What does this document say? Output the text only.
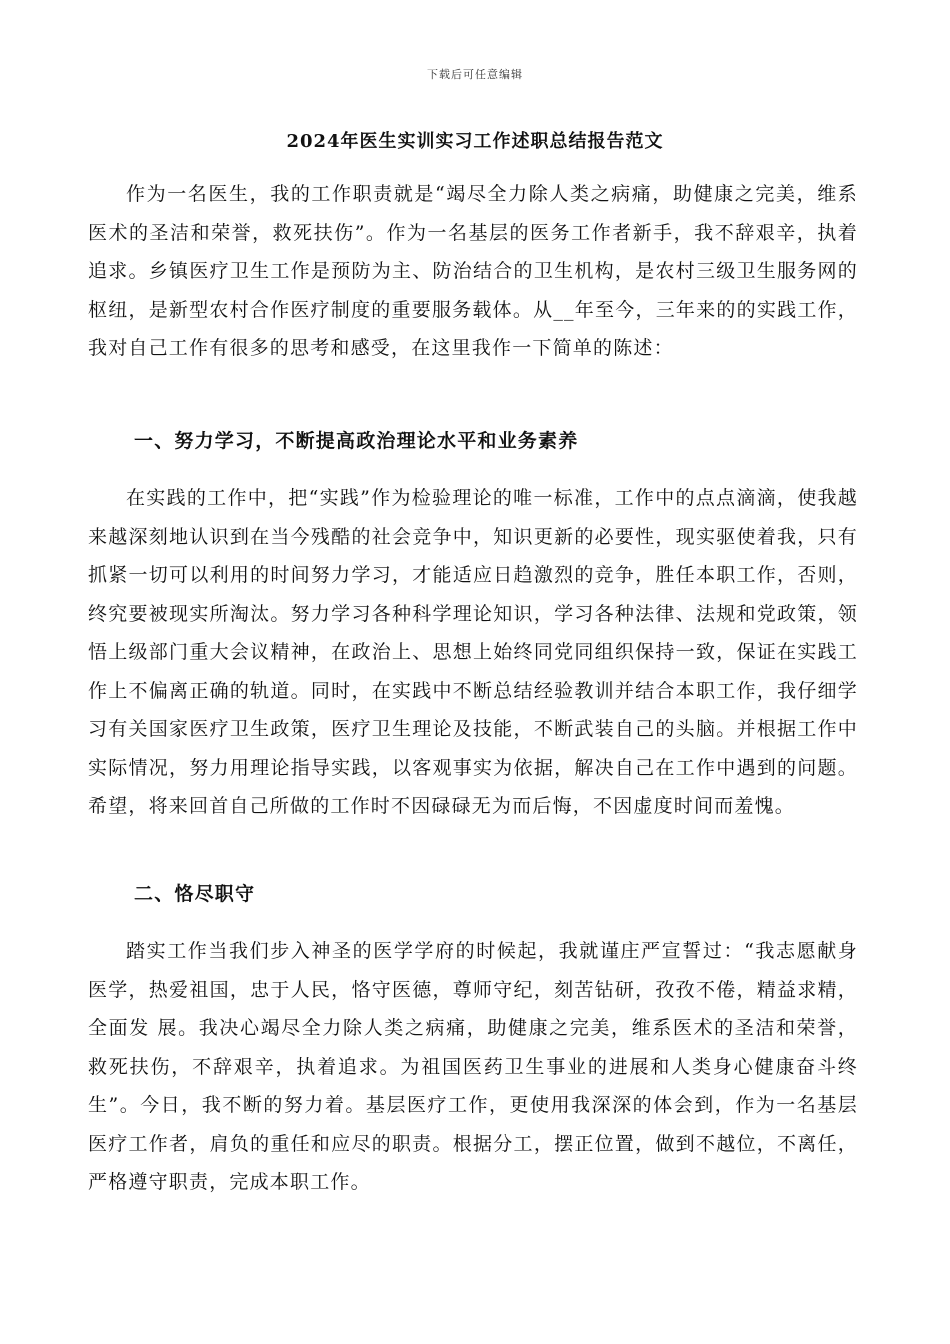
下载后可任意编辑
2024年医生实训实习工作述职总结报告范文

作为一名医生，我的工作职责就是“竭尽全力除人类之病痛，助健康之完美，维系医术的圣洁和荣誉，救死扶伤”。作为一名基层的医务工作者新手，我不辞艰辛，执着追求。乡镇医疗卫生工作是预防为主、防治结合的卫生机构，是农村三级卫生服务网的枢纽，是新型农村合作医疗制度的重要服务载体。从__年至今，三年来的的实践工作，我对自己工作有很多的思考和感受，在这里我作一下简单的陈述：

一、努力学习，不断提高政治理论水平和业务素养

在实践的工作中，把“实践”作为检验理论的唯一标准，工作中的点点滴滴，使我越来越深刻地认识到在当今残酷的社会竞争中，知识更新的必要性，现实驱使着我，只有抓紧一切可以利用的时间努力学习，才能适应日趋激烈的竞争，胜任本职工作，否则，终究要被现实所淘汰。努力学习各种科学理论知识，学习各种法律、法规和党政策，领悟上级部门重大会议精神，在政治上、思想上始终同党同组织保持一致，保证在实践工作上不偏离正确的轨道。同时，在实践中不断总结经验教训并结合本职工作，我仔细学习有关国家医疗卫生政策，医疗卫生理论及技能，不断武装自己的头脑。并根据工作中实际情况，努力用理论指导实践，以客观事实为依据，解决自己在工作中遇到的问题。希望，将来回首自己所做的工作时不因碌碌无为而后悔，不因虚度时间而羞愧。

二、恪尽职守

踏实工作当我们步入神圣的医学学府的时候起，我就谨庄严宣誓过：“我志愿献身医学，热爱祖国，忠于人民，恪守医德，尊师守纪，刻苦钻研，孜孜不倦，精益求精，全面发 展。我决心竭尽全力除人类之病痛，助健康之完美，维系医术的圣洁和荣誉，救死扶伤，不辞艰辛，执着追求。为祖国医药卫生事业的进展和人类身心健康奋斗终生”。今日，我不断的努力着。基层医疗工作，更使用我深深的体会到，作为一名基层医疗工作者，肩负的重任和应尽的职责。根据分工，摆正位置，做到不越位，不离任，严格遵守职责，完成本职工作。
